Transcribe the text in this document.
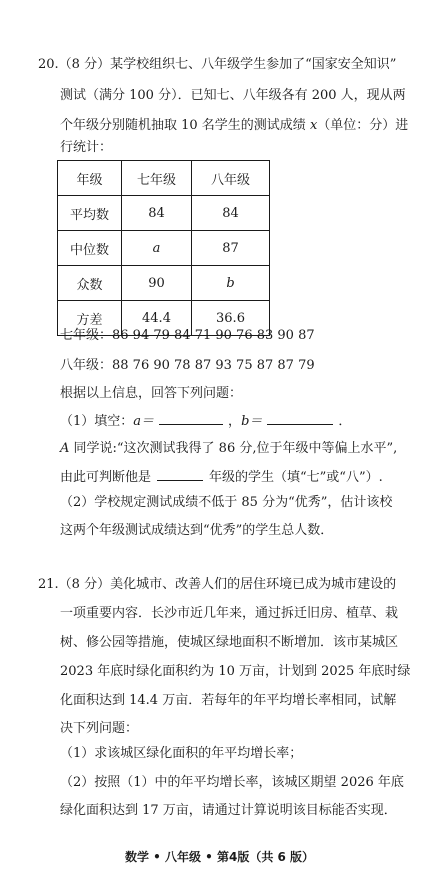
20.（8 分）某学校组织七、八年级学生参加了“国家安全知识”
测试（满分 100 分）．已知七、八年级各有 200 人，现从两
个年级分别随机抽取 10 名学生的测试成绩 x（单位：分）进
行统计：
年级	七年级	八年级
平均数	84	84
中位数	a	87
众数	90	b
方差	44.4	36.6
七年级：86 94 79 84 71 90 76 83 90 87
八年级：88 76 90 78 87 93 75 87 87 79
根据以上信息，回答下列问题：
（1）填空：a＝	，b＝	．
A 同学说:“这次测试我得了 86 分,位于年级中等偏上水平”,
由此可判断他是	年级的学生（填“七”或“八”）.
（2）学校规定测试成绩不低于 85 分为“优秀”，估计该校
这两个年级测试成绩达到“优秀”的学生总人数．
21.（8 分）美化城市、改善人们的居住环境已成为城市建设的
一项重要内容．长沙市近几年来，通过拆迁旧房、植草、栽
树、修公园等措施，使城区绿地面积不断增加．该市某城区
2023 年底时绿化面积约为 10 万亩，计划到 2025 年底时绿
化面积达到 14.4 万亩．若每年的年平均增长率相同，试解
决下列问题：
（1）求该城区绿化面积的年平均增长率；
（2）按照（1）中的年平均增长率，该城区期望 2026 年底
绿化面积达到 17 万亩，请通过计算说明该目标能否实现．
数学 • 八年级 • 第4版（共 6 版）
